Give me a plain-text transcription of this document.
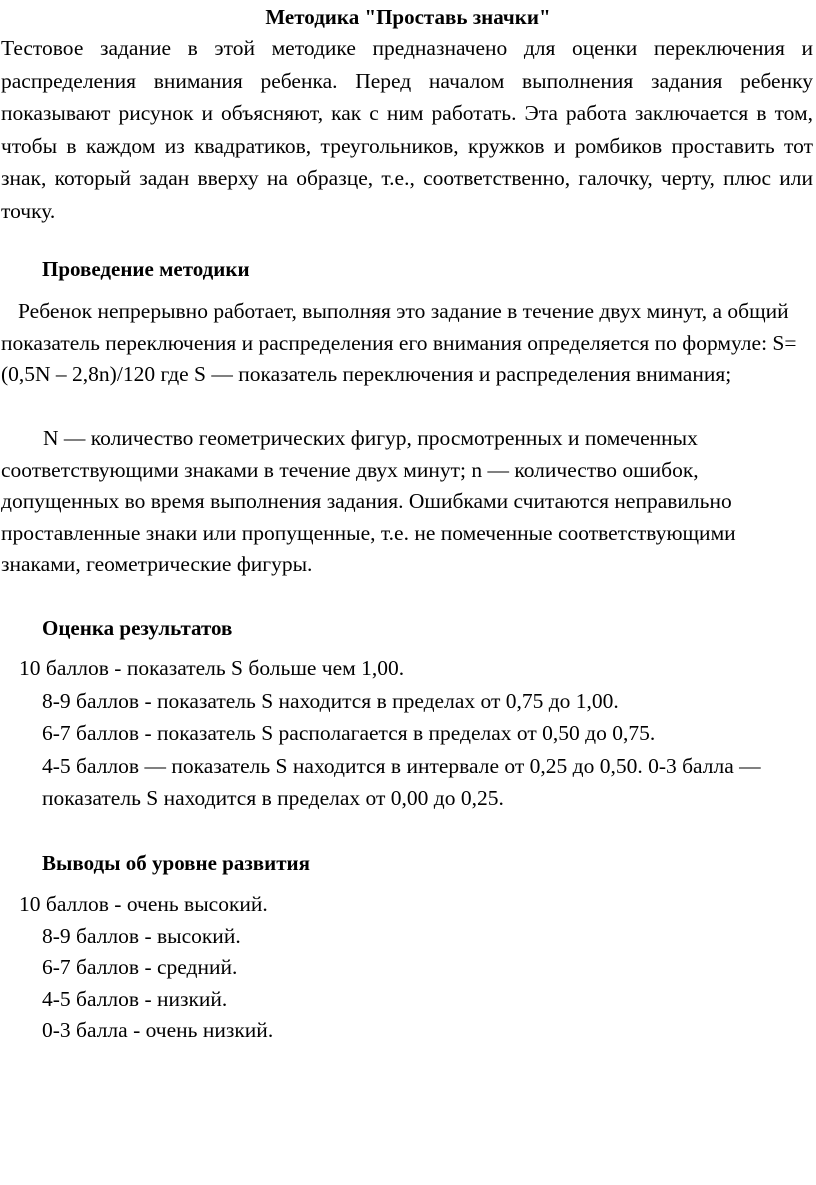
Методика "Проставь значки"

Тестовое задание в этой методике предназначено для оценки переключения и распределения внимания ребенка. Перед началом выполнения задания ребенку показывают рисунок и объясняют, как с ним работать. Эта работа заключается в том, чтобы в каждом из квадратиков, треугольников, кружков и ромбиков проставить тот знак, который задан вверху на образце, т.е., соответственно, галочку, черту, плюс или точку.

Проведение методики

Ребенок непрерывно работает, выполняя это задание в течение двух минут, а общий показатель переключения и распределения его внимания определяется по формуле: S=(0,5N – 2,8n)/120 где S — показатель переключения и распределения внимания;

N — количество геометрических фигур, просмотренных и помеченных соответствующими знаками в течение двух минут; n — количество ошибок, допущенных во время выполнения задания. Ошибками считаются неправильно проставленные знаки или пропущенные, т.е. не помеченные соответствующими знаками, геометрические фигуры.

Оценка результатов
10 баллов - показатель S больше чем 1,00.
8-9 баллов - показатель S находится в пределах от 0,75 до 1,00.
6-7 баллов - показатель S располагается в пределах от 0,50 до 0,75.
4-5 баллов — показатель S находится в интервале от 0,25 до 0,50. 0-3 балла — показатель S находится в пределах от 0,00 до 0,25.
Выводы об уровне развития
10 баллов - очень высокий.
8-9 баллов - высокий.
6-7 баллов - средний.
4-5 баллов - низкий.
0-3 балла - очень низкий.
